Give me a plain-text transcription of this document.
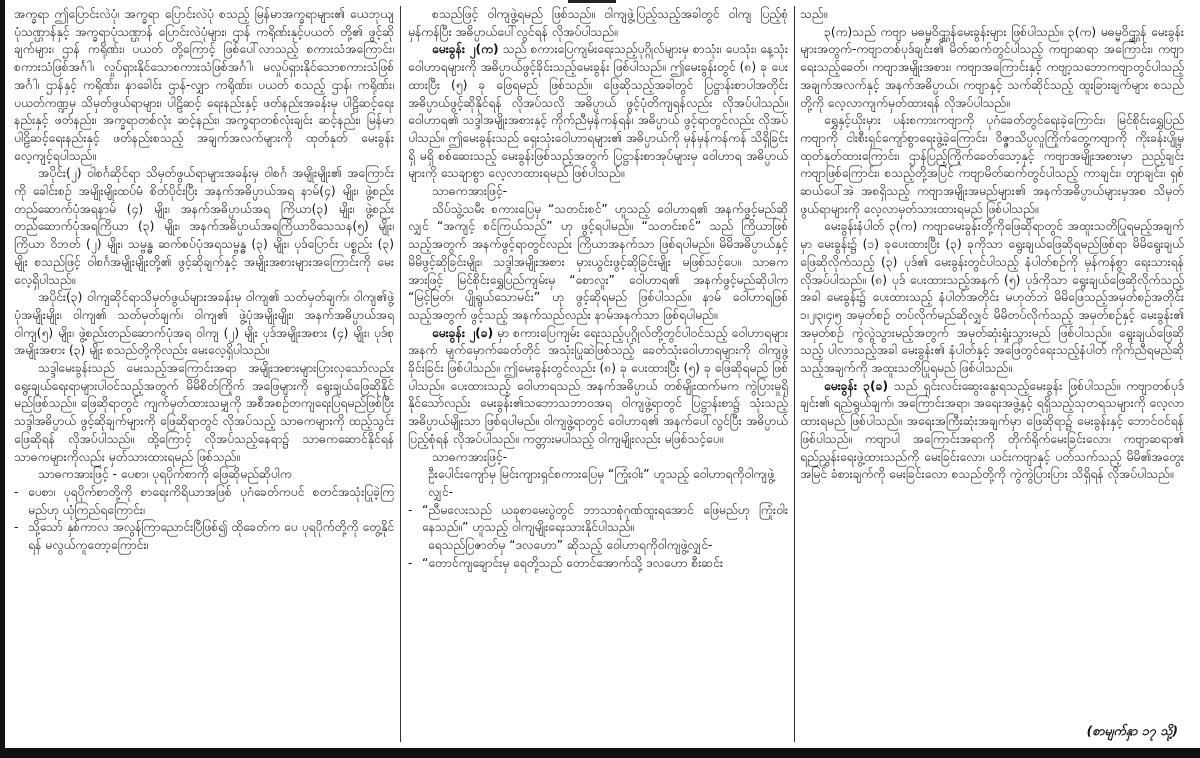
အက္ခရာ ဤပြောင်းလဲပုံ၊ အက္ခရာ ပြောင်းလဲပုံ စသည့် မြန်မာအက္ခရာများ၏ ယေဘုယျ ပုံသဏ္ဌာန်နှင့် အက္ခရာပုံသဏ္ဌာန် ပြောင်းလဲပုံများ၊ ဌာန် ကရိုဏ်းနှင့်ပယတ် တို့၏ ဖွင့်ဆိုချက်များ၊ ဌာန် ကရိုဏ်း၊ ပယတ် တို့ကြောင့် ဖြစ်ပေါ်လာသည့် စကားသံအကြောင်း၊ စကားသံဖြစ်အင်္ဂါ၊ လှုပ်ရှားနိုင်သောစကားသံဖြစ်အင်္ဂါ၊ မလှုပ်ရှားနိုင်သောစကားသံဖြစ်အင်္ဂါ၊ ဌာန်နှင့် ကရိုဏ်း၊ နာခေါင်း ဌာန်-လျှာ ကရိုဏ်း၊ ပယတ် စသည့် ဌာန်၊ ကရိုဏ်း၊ ပယတ်ကဏ္ဍမှ သိမှတ်ဖွယ်ရာများ၊ ပါဠိဆင့် ရေးနည်းနှင့် ဖတ်နည်းအခန်းမှ ပါဠိဆင့်ရေးနည်းနှင့် ဖတ်နည်း၊ အက္ခရာတစ်လုံး ဆင့်နည်း၊ အက္ခရာတစ်လုံးချင်း ဆင့်နည်း၊ မြန်မာပါဠိဆင့်ရေးနည်းနှင့် ဖတ်နည်းစသည့် အချက်အလက်များကို ထုတ်နုတ် မေးခွန်းလေ့ကျင့်ရပါသည်။

အပိုင်း(၂) ဝါစင်္ဂဆိုင်ရာ သိမှတ်ဖွယ်ရာများအခန်းမှ ဝါစင်္ဂ အမျိုးမျိုး၏ အကြောင်းကို ခေါင်းစဉ် အမျိုးမျိုးထပ်မံ စိတ်ပိုင်းပြီး အနက်အဓိပ္ပာယ်အရ နာမ်(၄) မျိုး၊ ဖွဲ့စည်းတည်ဆောက်ပုံအရနာမ် (၄) မျိုး၊ အနက်အဓိပ္ပာယ်အရ ကြိယာ(၃) မျိုး၊ ဖွဲ့စည်းတည်ဆောက်ပုံအရကြိယာ (၃) မျိုး၊ အနက်အဓိပ္ပာယ်အရကြိယာဝိသေသန(၅) မျိုး၊ ကြိယာ ဝိဘတ် (၂) မျိုး၊ သမ္ဗန္ဓ ဆက်စပ်ပုံအရသမ္ဗန္ဓ (၃) မျိုး၊ ပုဒ်ပြောင်း ပစ္စည်း (၃) မျိုး စသည်ဖြင့် ဝါစင်္ဂအမျိုးမျိုးတို့၏ ဖွင့်ဆိုချက်နှင့် အမျိုးအစားများအကြောင်းကို မေးလေ့ရှိပါသည်။

အပိုင်း(၃) ဝါကျဆိုင်ရာသိမှတ်ဖွယ်များအခန်းမှ ဝါကျ၏ သတ်မှတ်ချက်၊ ဝါကျ၏ဖွဲ့ပုံအမျိုးမျိုး၊ ဝါကျ၏ သတ်မှတ်ချက်၊ ဝါကျ၏ ဖွဲ့ပုံအမျိုးမျိုး၊ အနက်အဓိပ္ပာယ်အရ ဝါကျ(၅) မျိုး၊ ဖွဲ့စည်းတည်ဆောက်ပုံအရ ဝါကျ (၂) မျိုး ပုဒ်အမျိုးအစား (၄) မျိုး၊ ပုဒ်စု အမျိုးအစား (၃) မျိုး စသည်တို့ကိုလည်း မေးလေ့ရှိပါသည်။

သဒ္ဒါမေးခွန်းသည် မေးသည့်အကြောင်းအရာ အမျိုးအစားများပြားလှသော်လည်း ရွေးချယ်ရေးရာများပါဝင်သည့်အတွက် မိမိစိတ်ကြိုက် အဖြေများကို ရွေးချယ်ဖြေဆိုနိုင်မည်ဖြစ်သည်။ ဖြေဆိုရာတွင် ကျက်မှတ်ထားသမျှကို အစီအစဉ်တကျရေးပြရမည်ဖြစ်ပြီး သဒ္ဒါအဓိပ္ပာယ် ဖွင့်ဆိုချက်များကို ဖြေဆိုရာတွင် လိုအပ်သည့် သာဓကများကို ထည့်သွင်းဖြေဆိုရန် လိုအပ်ပါသည်။ ထို့ကြောင့် လိုအပ်သည့်နေရာ၌ သာဓကဆောင်နိုင်ရန် သာဓကများကိုလည်း မှတ်သားထားရမည် ဖြစ်သည်။

သာဓကအားဖြင့် - ပေစာ၊ ပုရပိုက်စာကို ဖြေဆိုမည်ဆိုပါက

- ပေစာ၊ ပုရပိုက်စာတို့ကို စာရေးကိရိယာအဖြစ် ပုဂံခေတ်ကပင် စတင်အသုံးပြုခဲ့ကြမည်ဟု ယုံကြည်ရကြောင်း၊

- သို့သော် နှစ်ကာလ အလွန်ကြာညောင်းပြီဖြစ်၍ ထိုခေတ်က ပေ ပုရပိုက်တို့ကို တွေ့နိုင်ရန် မလွယ်ကူတော့ကြောင်း၊

စသည်ဖြင့် ဝါကျဖွဲ့ရမည် ဖြစ်သည်။ ဝါကျဖွဲ့ပြည့်သည့်အခါတွင် ဝါကျ ပြည့်စုံ မှန်ကန်ပြီး အဓိပ္ပာယ်ပေါ်လွင်ရန် လိုအပ်ပါသည်။

မေးခွန်း ၂(က) သည် စကားပြေကျမ်းရေးသည့်ပုဂ္ဂိုလ်များမှ စာသုံး၊ ပေသုံး၊ နေ့သုံး ဝေါဟာရများကို အဓိပ္ပာယ်ဖွင့်ခိုင်းသည့်မေးခွန်း ဖြစ်ပါသည်။ ဤမေးခွန်းတွင် (၈) ခု ပေးထားပြီး (၅) ခု ဖြေရမည် ဖြစ်သည်။ ဖြေဆိုသည့်အခါတွင် ပြဋ္ဌာန်းစာပါအတိုင်း အဓိပ္ပာယ်ဖွင့်ဆိုနိုင်ရန် လိုအပ်သလို အဓိပ္ပာယ် ဖွင့်ပုံတိကျရန်လည်း လိုအပ်ပါသည်။ ဝေါဟာရ၏ သဒ္ဒါအမျိုးအစားနှင့် ကိုက်ညီမှန်ကန်ရန်၊ အဓိပ္ပာယ် ဖွင့်ရာတွင်လည်း လိုအပ်ပါသည်။ ဤမေးခွန်းသည် ရှေးသုံးဝေါဟာရများ၏ အဓိပ္ပာယ်ကို မှန်မှန်ကန်ကန် သိရှိခြင်း ရှိ မရှိ စစ်ဆေးသည့် မေးခွန်းဖြစ်သည့်အတွက် ပြဋ္ဌာန်းစာအုပ်များမှ ဝေါဟာရ အဓိပ္ပာယ်များကို သေချာစွာ လေ့လာထားရမည် ဖြစ်ပါသည်။

သာဓကအားဖြင့်-

သိပ်သွဲ့သမီး စကားပြေမှ “သတင်းစင်” ဟူသည့် ဝေါဟာရ၏ အနက်ဖွင့်မည်ဆိုလျှင် “အကျင့် စင်ကြယ်သည်” ဟု ဖွင့်ရပါမည်။ “သတင်းစင်” သည် ကြိယာဖြစ်သည့်အတွက် အနက်ဖွင့်ရာတွင်လည်း ကြိယာအနက်သာ ဖြစ်ရပါမည်။ မိမိအဓိပ္ပာယ်နှင့် မိမိဖွင့်ဆိုခြင်းမျိုး၊ သဒ္ဒါအမျိုးအစား မှားယွင်းဖွင့်ဆိုခြင်းမျိုး မဖြစ်သင့်ပေ။ သာဓကအားဖြင့် မြင်စိုင်းရွှေပြည်ကျမ်းမှ “စောလူး” ဝေါဟာရ၏ အနက်ဖွင့်မည်ဆိုပါက “မြင့်မြတ်၊ ပျိုရွယ်သောမင်း” ဟု ဖွင့်ဆိုရမည် ဖြစ်ပါသည်။ နာမ် ဝေါဟာရဖြစ်သည့်အတွက် ဖွင့်သည့် အနက်သည်လည်း နာမ်အနက်သာ ဖြစ်ရပါမည်။

မေးခွန်း ၂(ခ) မှာ စကားပြေကျမ်း ရေးသည့်ပုဂ္ဂိုလ်တို့တွင်ပါဝင်သည့် ဝေါဟာရများအနက် မျက်မှောက်ခေတ်တိုင် အသုံးပြုဆဲဖြစ်သည့် ခေတ်သုံးဝေါဟာရများကို ဝါကျဖွဲ့ခိုင်းခြင်း ဖြစ်ပါသည်။ ဤမေးခွန်းတွင်လည်း (၈) ခု ပေးထားပြီး (၅) ခု ဖြေဆိုရမည် ဖြစ်ပါသည်။ ပေးထားသည့် ဝေါဟာရသည် အနက်အဓိပ္ပာယ် တစ်မျိုးထက်မက ကွဲပြားမှုရှိနိုင်သော်လည်း မေးခွန်း၏သဘောသဘာဝအရ ဝါကျဖွဲ့ရာတွင် ပြဋ္ဌာန်းစာ၌ သုံးသည့် အဓိပ္ပာယ်မျိုးသာ ဖြစ်ရပါမည်။ ဝါကျဖွဲ့ရာတွင် ဝေါဟာရ၏ အနက်ပေါ်လွင်ပြီး အဓိပ္ပာယ်ပြည့်စုံရန် လိုအပ်ပါသည်။ ကတ္တားမပါသည့် ဝါကျမျိုးလည်း မဖြစ်သင့်ပေ။

သာဓကအားဖြင့်-

ဦးပေါင်းကျော်မှ မြင်းကျားရှင်စကားပြေမှ “ကြုံးဝါး” ဟူသည့် ဝေါဟာရကိုဝါကျဖွဲ့လျှင်-

- “ညီမလေးသည် ယခုစာမေးပွဲတွင် ဘာသာစုံဂုဏ်ထူးရအောင် ဖြေမည်ဟု ကြုံးဝါးနေသည်။” ဟူသည့် ဝါကျမျိုးရေးသားနိုင်ပါသည်။

ရေသည်ပြဇာတ်မှ “ဒလဟော” ဆိုသည့် ဝေါဟာရကိုဝါကျဖွဲ့လျှင်-

- “တောင်ကျချောင်းမှ ရေတို့သည် တောင်အောက်သို့ ဒလဟော စီးဆင်း

သည်။

၃(က)သည် ကဗျာ မဓမ္မဝိဌ္ဌာန်မေးခွန်းများ ဖြစ်ပါသည်။ ၃(က) မဓမ္မဝိဌ္ဌာန် မေးခွန်းများအတွက်-ကဗျာတစ်ပုဒ်ချင်း၏ မိတ်ဆက်တွင်ပါသည့် ကဗျာဆရာ အကြောင်း၊ ကဗျာရေးသည့်ခေတ်၊ ကဗျာအမျိုးအစား၊ ကဗျာအကြောင်းနှင့် ကဗျာ့သဘောကဗျာတွင်ပါသည့် အချက်အလက်နှင့် အနက်အဓိပ္ပာယ်၊ ကဗျာနှင့် သက်ဆိုင်သည့် ထူးခြားချက်များ စသည်တို့ကို လေ့လာကျက်မှတ်ထားရန် လိုအပ်ပါသည်။

ရွှေနှင့်ယိုးမှား ပန်းစကားကဗျာကို ပုဂံခေတ်တွင်ရေးခဲ့ကြောင်း၊ မြင်စိုင်းရွှေပြည်ကဗျာကို ငါးစီးရှင်ကျော်စွာရေးဖွဲ့ခဲ့ကြောင်း၊ ဝိဇ္ဇာသိပ္ပလူကြိုက်တွေ့ကဗျာကို ကိုးခန်းပျို့မှ ထုတ်နုတ်ထားကြောင်း၊ ဌာန်ပြည့်ကြိုက်ခေတ်သော့နှင့် ကဗျာအမျိုးအစားမှာ ညည့်ချင်းကဗျာဖြစ်ကြောင်း၊ စသည့်တို့အပြင် ကဗျာမိတ်ဆက်တွင်ပါသည့် ကာချင်း၊ တျာချင်း၊ ရှစ်ဆယ်ပေါ်အဲ အစရှိသည့် ကဗျာအမျိုးအမည်များ၏ အနက်အဓိပ္ပာယ်များမှအစ သိမှတ်ဖွယ်ရာများကို လေ့လာမှတ်သားထားရမည် ဖြစ်ပါသည်။

မေးခွန်းနံပါတ် ၃(က) ကဗျာမေးခွန်းတို့ကိုဖြေဆိုရာတွင် အထူးသတိပြုရမည့်အချက်မှာ မေးခွန်း၌ (၁) ခုပေးထားပြီး (၃) ခုကိုသာ ရွေးချယ်ဖြေဆိုရမည်ဖြစ်ရာ မိမိရွေးချယ်ဖြေဆိုလိုက်သည့် (၃) ပုဒ်၏ မေးခွန်းတွင်ပါသည့် နံပါတ်စဉ်ကို မှန်ကန်စွာ ရေးသားရန် လိုအပ်ပါသည်။ (၈) ပုဒ် ပေးထားသည့်အနက် (၅) ပုဒ်ကိုသာ ရွေးချယ်ဖြေဆိုလိုက်သည့်အခါ မေးခွန်း၌ ပေးထားသည့် နံပါတ်အတိုင်း မဟုတ်ဘဲ မိမိဖြေသည့်အမှတ်စဉ်အတိုင်း ၁၊၂၊၃၊၄၊၅ အမှတ်စဉ် တပ်လိုက်မည်ဆိုလျှင် မိမိတပ်လိုက်သည့် အမှတ်စဉ်နှင့် မေးခွန်း၏ အမှတ်စဉ် ကွဲလွဲသွားမည့်အတွက် အမှတ်ဆုံးရှုံးသွားမည် ဖြစ်ပါသည်။ ရွေးချယ်ဖြေဆိုသည့် ပါလာသည့်အခါ မေးခွန်း၏ နံပါတ်နှင့် အဖြေတွင်ရေးသည့်နံပါတ် ကိုက်ညီရမည်ဆိုသည့်အချက်ကို အထူးသတိပြုရမည် ဖြစ်ပါသည်။

မေးခွန်း ၃(ခ) သည် ရှင်းလင်းဆွေးနွေးရသည့်မေးခွန်း ဖြစ်ပါသည်။ ကဗျာတစ်ပုဒ်ချင်း၏ ရည်ရွယ်ချက်၊ အကြောင်းအရာ၊ အရေးအဖွဲ့နှင့် ရရှိသည့်သုတရသများကို လေ့လာထားရမည် ဖြစ်ပါသည်။ အရေးအကြီးဆုံးအချက်မှာ ဖြေဆိုရာ၌ မေးခွန်းနှင့် ဘောင်ဝင်ရန် ဖြစ်ပါသည်။ ကဗျာပါ အကြောင်းအရာကို တိုက်ရိုက်မေးခြင်းလော၊ ကဗျာဆရာ၏ ရည်ညွှန်းရေးဖွဲ့ထားသည်ကို မေးခြင်းလော၊ ယင်းကဗျာနှင့် ပတ်သက်သည့် မိမိ၏အတွေးအမြင် ခံစားချက်ကို မေးခြင်းလော စသည်တို့ကို ကွဲကွဲပြားပြား သိရှိရန် လိုအပ်ပါသည်။

(စာမျက်နှာ ၁၇ သို့)
